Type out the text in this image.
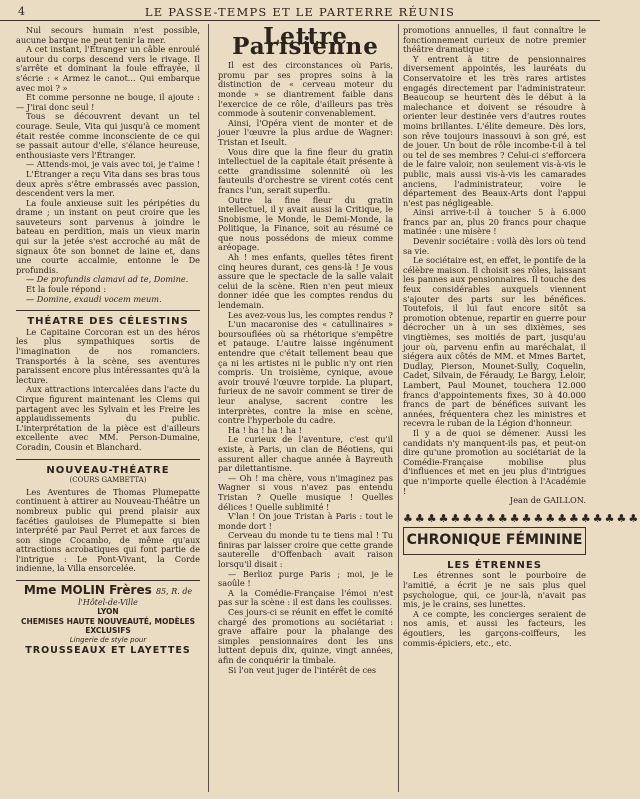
4	LE PASSE-TEMPS ET LE PARTERRE RÉUNIS

Nul secours humain n'est possible, aucune barque ne peut tenir la mer.

A cet instant, l'Étranger un câble enroulé autour du corps descend vers le rivage. Il s'arrête et dominant la foule effrayée, il s'écrie : « Armez le canot... Qui embarque avec moi ? »

Et comme personne ne bouge, il ajoute : — J'irai donc seul !

Tous se découvrent devant un tel courage. Seule, Vita qui jusqu'à ce moment était restée comme inconsciente de ce qui se passait autour d'elle, s'élance heureuse, enthousiaste vers l'Étranger.

— Attends-moi, je vais avec toi, je t'aime !

L'Étranger a reçu Vita dans ses bras tous deux après s'être embrassés avec passion, descendent vers la mer.

La foule anxieuse suit les péripéties du drame ; un instant on peut croire que les sauveteurs sont parvenus à joindre le bateau en perdition, mais un vieux marin qui sur la jetée s'est accroché au mât de signaux ôte son bonnet de laine et, dans une courte accalmie, entonne le De profundis.

— De profundis clamavi ad te, Domine.

Et la foule répond :

— Domine, exaudi vocem meum.

THÉATRE DES CÉLESTINS

Le Capitaine Corcoran est un des héros les plus sympathiques sortis de l'imagination de nos romanciers. Transportés à la scène, ses aventures paraissent encore plus intéressantes qu'à la lecture.

Aux attractions intercalées dans l'acte du Cirque figurent maintenant les Clems qui partagent avec les Sylvain et les Freire les applaudissements du public. L'interprétation de la pièce est d'ailleurs excellente avec MM. Person-Dumaine, Coradin, Cousin et Blanchard.

NOUVEAU-THÉATRE
(COURS GAMBETTA)

Les Aventures de Thomas Plumepatte continuent à attirer au Nouveau-Théâtre un nombreux public qui prend plaisir aux facéties gauloises de Plumepatte si bien interprété par Paul Perret et aux farces de son singe Cocambo, de même qu'aux attractions acrobatiques qui font partie de l'intrigue : Le Pont-Vivant, la Corde indienne, la Villa ensorcelée.

Mme MOLIN Frères 85, R. de l'Hôtel-de-Ville
LYON
CHEMISES HAUTE NOUVEAUTÉ, MODÈLES EXCLUSIFS
Lingerie de style pour
TROUSSEAUX ET LAYETTES
Lettre Parisienne

Il est des circonstances où Paris, promu par ses propres soins à la distinction de « cerveau moteur du monde » se diantrement faible dans l'exercice de ce rôle, d'ailleurs pas très commode à soutenir convenablement.

Ainsi, l'Opéra vient de monter et de jouer l'œuvre la plus ardue de Wagner: Tristan et Iseult.

Vous dire que la fine fleur du gratin intellectuel de la capitale était présente à cette grandissime solennité où les fauteuils d'orchestre se virent cotés cent francs l'un, serait superflu.

Outre la fine fleur du gratin intellectuel, il y avait aussi la Critique, le Snobisme, le Monde, le Demi-Monde, la Politique, la Finance, soit au résumé ce que nous possédons de mieux comme aréopage.

Ah ! mes enfants, quelles têtes firent cinq heures durant, ces gens-là ! Je vous assure que le spectacle de la salle valait celui de la scène. Rien n'en peut mieux donner idée que les comptes rendus du lendemain.

Les avez-vous lus, les comptes rendus ?

L'un macaronise des « catullinaires » boursouflées où sa rhétorique s'empêtre et patauge. L'autre laisse ingénument entendre que c'était tellement beau que ça ni les artistes ni le public n'y ont rien compris. Un troisième, cynique, avoue avoir trouvé l'œuvre torpide. La plupart, furieux de ne savoir comment se tirer de leur analyse, sacrent contre les interprètes, contre la mise en scène, contre l'hyperbole du cadre.

Ha ! ha ! ha ! ha !

Le curieux de l'aventure, c'est qu'il existe, à Paris, un clan de Béotiens, qui assurent aller chaque année à Bayreuth par dilettantisme.

— Oh ! ma chère, vous n'imaginez pas Wagner si vous n'avez pas entendu Tristan ? Quelle musique ! Quelles délices ! Quelle sublimité !

V'lan ! On joue Tristan à Paris : tout le monde dort !

Cerveau du monde tu te tiens mal ! Tu finiras par laisser croire que cette grande sauterelle d'Offenbach avait raison lorsqu'il disait :

— Berlioz purge Paris ; moi, je le saoûle !

A la Comédie-Française l'émoi n'est pas sur la scène : il est dans les coulisses.

Ces jours-ci se réunit en effet le comité chargé des promotions au sociétariat : grave affaire pour la phalange des simples pensionnaires dont les uns luttent depuis dix, quinze, vingt années, afin de conquérir la timbale.

Si l'on veut juger de l'intérêt de ces

promotions annuelles, il faut connaître le fonctionnement curieux de notre premier théâtre dramatique :

Y entrent à titre de pensionnaires diversement appointés, les lauréats du Conservatoire et les très rares artistes engagés directement par l'administrateur. Beaucoup se heurtent dès le début à la malechance et doivent se résoudre à orienter leur destinée vers d'autres routes moins brillantes. L'élite demeure. Dès lors, son rêve toujours inassouvi à son gré, est de jouer. Un bout de rôle incombe-t-il à tel ou tel de ses membres ? Celui-ci s'efforcera de le faire valoir, non seulement vis-à-vis le public, mais aussi vis-à-vis les camarades anciens, l'administrateur, voire le département des Beaux-Arts dont l'appui n'est pas négligeable.

Ainsi arrive-t-il à toucher 5 à 6.000 francs par an, plus 20 francs pour chaque matinée : une misère !

Devenir sociétaire : voilà dès lors où tend sa vie.

Le sociétaire est, en effet, le pontife de la célèbre maison. Il choisit ses rôles, laissant les pannes aux pensionnaires. Il touche des feux considérables auxquels viennent s'ajouter des parts sur les bénéfices. Toutefois, il lui faut encore sitôt sa promotion obtenue, repartir en guerre pour décrocher un à un ses dixièmes, ses vingtièmes, ses moitiés de part, jusqu'au jour où, parvenu enfin au maréchalat, il siégera aux côtés de MM. et Mmes Bartet, Dudlay, Pierson, Mounet-Sully, Coquelin, Cadet, Silvain, de Féraudy, Le Bargy, Leloir, Lambert, Paul Mounet, touchera 12.000 francs d'appointements fixes, 30 à 40.000 francs de part de bénéfices suivant les années, fréquentera chez les ministres et recevra le ruban de la Légion d'honneur.

Il y a de quoi se démener. Aussi les candidats n'y manquent-ils pas, et peut-on dire qu'une promotion au sociétariat de la Comédie-Française mobilise plus d'influences et met en jeu plus d'intrigues que n'importe quelle élection à l'Académie !

Jean de GAILLON.

♣♣♣♣♣♣♣♣♣♣♣♣♣♣♣♣♣♣♣♣
CHRONIQUE FÉMININE
LES ÉTRENNES

Les étrennes sont le pourboire de l'amitié, a écrit je ne sais plus quel psychologue, qui, ce jour-là, n'avait pas mis, je le crains, ses lunettes.

A ce compte, les concierges seraient de nos amis, et aussi les facteurs, les égoutiers, les garçons-coiffeurs, les commis-épiciers, etc., etc.
